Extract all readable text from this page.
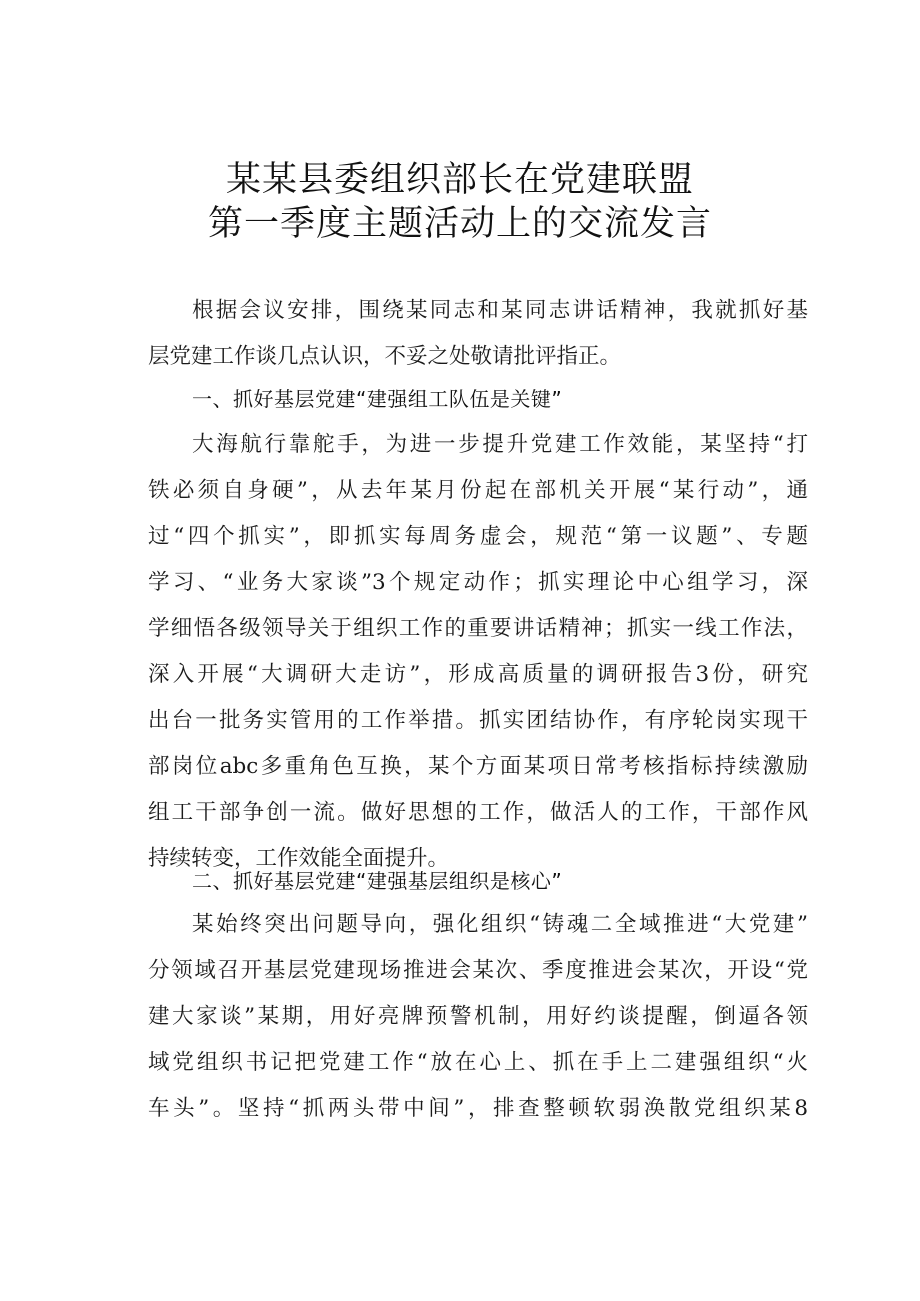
某某县委组织部长在党建联盟
第一季度主题活动上的交流发言
根据会议安排，围绕某同志和某同志讲话精神，我就抓好基
层党建工作谈几点认识，不妥之处敬请批评指正。
一、抓好基层党建“建强组工队伍是关键”
大海航行靠舵手，为进一步提升党建工作效能，某坚持“打
铁必须自身硬”，从去年某月份起在部机关开展“某行动”，通
过“四个抓实”，即抓实每周务虚会，规范“第一议题”、专题
学习、“业务大家谈”3个规定动作；抓实理论中心组学习，深
学细悟各级领导关于组织工作的重要讲话精神；抓实一线工作法，
深入开展“大调研大走访”，形成高质量的调研报告3份，研究
出台一批务实管用的工作举措。抓实团结协作，有序轮岗实现干
部岗位abc多重角色互换，某个方面某项日常考核指标持续激励
组工干部争创一流。做好思想的工作，做活人的工作，干部作风
持续转变，工作效能全面提升。
二、抓好基层党建“建强基层组织是核心”
某始终突出问题导向，强化组织“铸魂二全域推进“大党建”
分领域召开基层党建现场推进会某次、季度推进会某次，开设“党
建大家谈”某期，用好亮牌预警机制，用好约谈提醒，倒逼各领
域党组织书记把党建工作“放在心上、抓在手上二建强组织“火
车头”。坚持“抓两头带中间”，排查整顿软弱涣散党组织某8
